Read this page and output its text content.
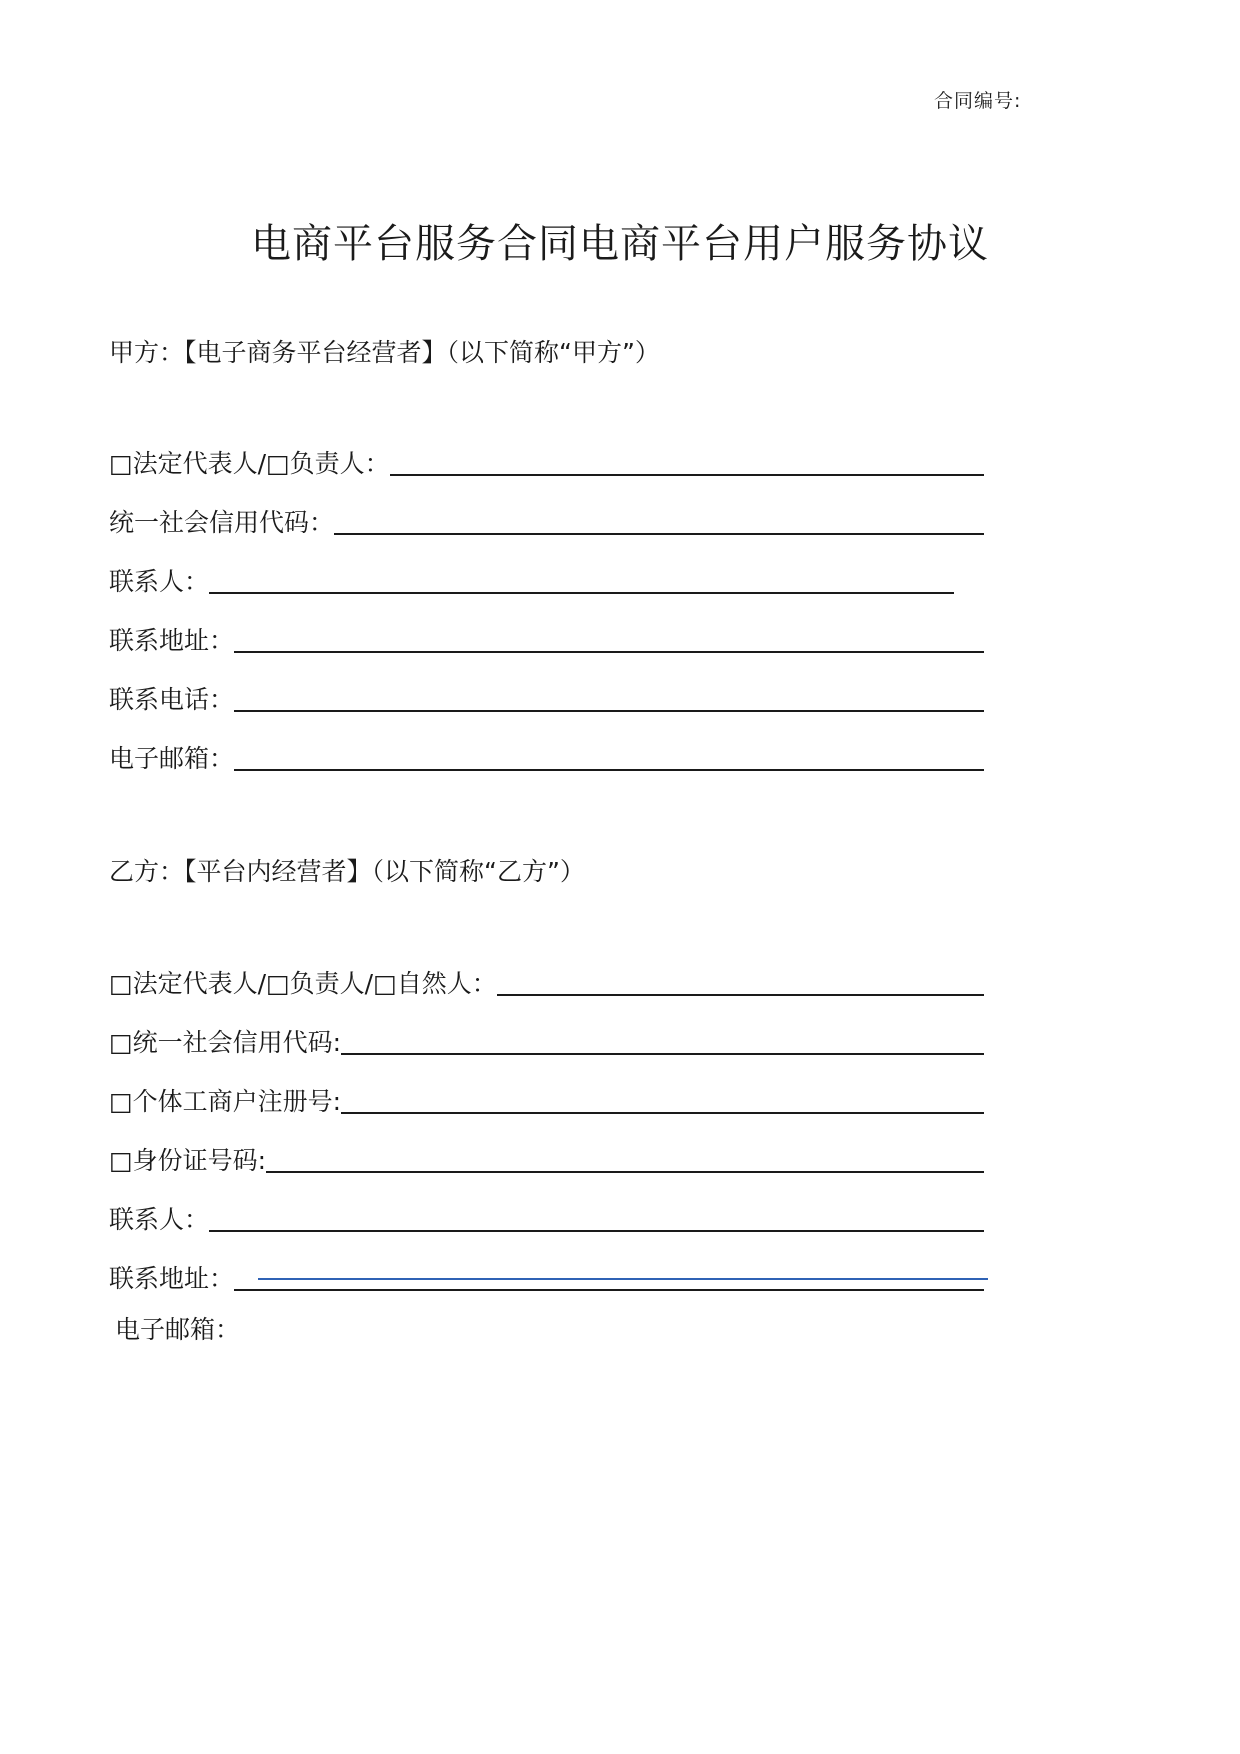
合同编号:
电商平台服务合同电商平台用户服务协议
甲方：【电子商务平台经营者】（以下简称“甲方”）
□法定代表人/□负责人：
统一社会信用代码：
联系人：
联系地址：
联系电话：
电子邮箱：
乙方：【平台内经营者】（以下简称“乙方”）
□法定代表人/□负责人/□自然人：
□统一社会信用代码:
□个体工商户注册号:
□身份证号码:
联系人：
联系地址：
电子邮箱：
